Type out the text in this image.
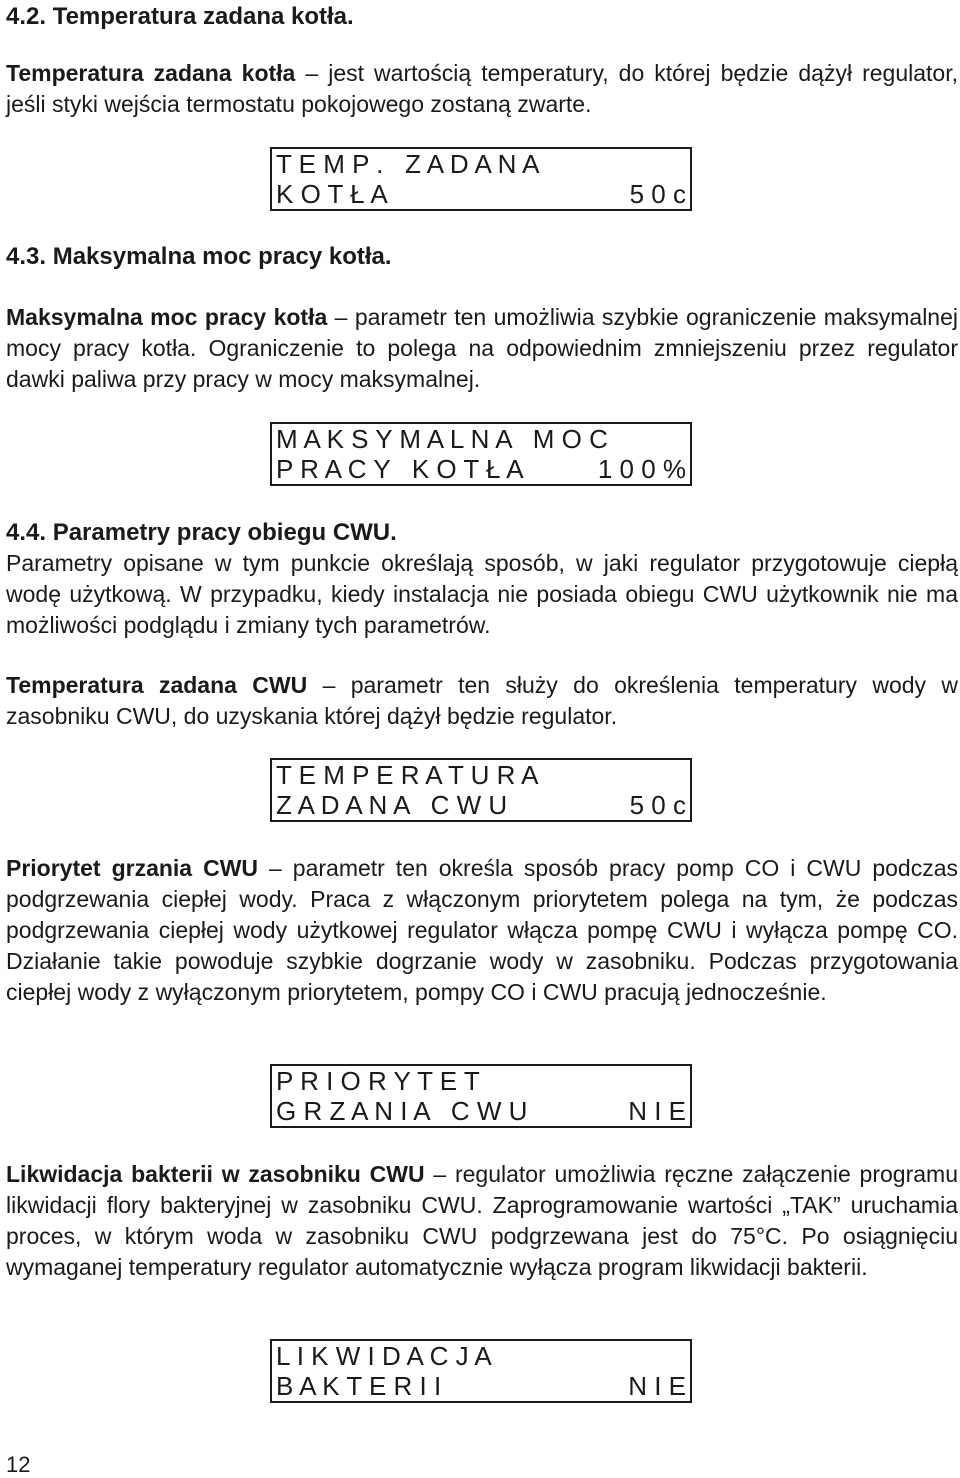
4.2. Temperatura zadana kotła.
Temperatura zadana kotła – jest wartością temperatury, do której będzie dążył regulator, jeśli styki wejścia termostatu pokojowego zostaną zwarte.
T E M P .   Z A D A N A
K O T Ł A	5 0 c
4.3. Maksymalna moc pracy kotła.
Maksymalna moc pracy kotła – parametr ten umożliwia szybkie ograniczenie maksymalnej mocy pracy kotła. Ograniczenie to polega na odpowiednim zmniejszeniu przez regulator dawki paliwa przy pracy w mocy maksymalnej.
M A K S Y M A L N A   M O C
P R A C Y   K O T Ł A	1 0 0 %
4.4. Parametry pracy obiegu CWU.
Parametry opisane w tym punkcie określają sposób, w jaki regulator przygotowuje ciepłą wodę użytkową. W przypadku, kiedy instalacja nie posiada obiegu CWU użytkownik nie ma możliwości podglądu i zmiany tych parametrów.
Temperatura zadana CWU – parametr ten służy do określenia temperatury wody w zasobniku CWU, do uzyskania której dążył będzie regulator.
T E M P E R A T U R A
Z A D A N A   C W U	5 0 c
Priorytet grzania CWU – parametr ten określa sposób pracy pomp CO i CWU podczas podgrzewania ciepłej wody. Praca z włączonym priorytetem polega na tym, że podczas podgrzewania ciepłej wody użytkowej regulator włącza pompę CWU i wyłącza pompę CO. Działanie takie powoduje szybkie dogrzanie wody w zasobniku. Podczas przygotowania ciepłej wody z wyłączonym priorytetem, pompy CO i CWU pracują jednocześnie.
P R I O R Y T E T
G R Z A N I A   C W U	N I E
Likwidacja bakterii w zasobniku CWU – regulator umożliwia ręczne załączenie programu likwidacji flory bakteryjnej w zasobniku CWU. Zaprogramowanie wartości „TAK” uruchamia proces, w którym woda w zasobniku CWU podgrzewana jest do 75°C. Po osiągnięciu wymaganej temperatury regulator automatycznie wyłącza program likwidacji bakterii.
L I K W I D A C J A
B A K T E R I I	N I E
12
